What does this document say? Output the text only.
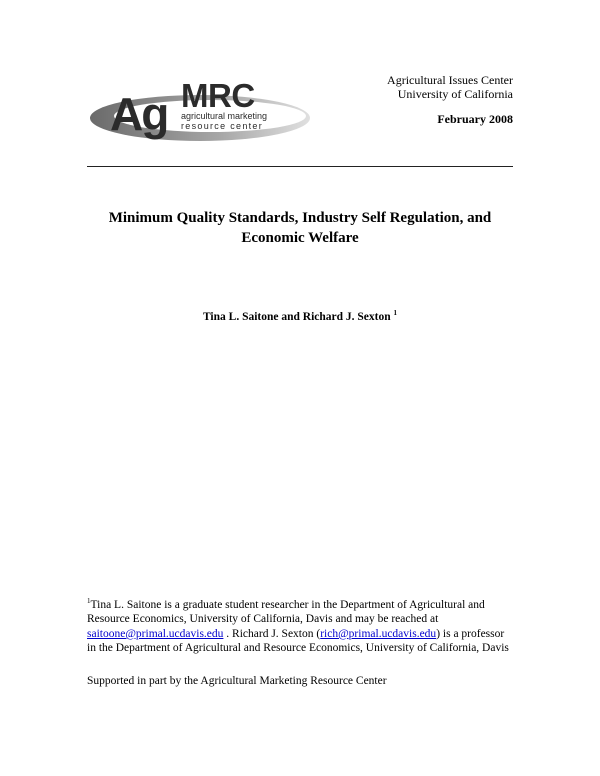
Ag MRC
agricultural marketing
resource center
Agricultural Issues Center
University of California
February 2008
Minimum Quality Standards, Industry Self Regulation, and
Economic Welfare
Tina L. Saitone and Richard J. Sexton $^1$
$^1$Tina L. Saitone is a graduate student researcher in the Department of Agricultural and Resource Economics, University of California, Davis and may be reached at saitoone@primal.ucdavis.edu . Richard J. Sexton (rich@primal.ucdavis.edu) is a professor in the Department of Agricultural and Resource Economics, University of California, Davis
Supported in part by the Agricultural Marketing Resource Center
